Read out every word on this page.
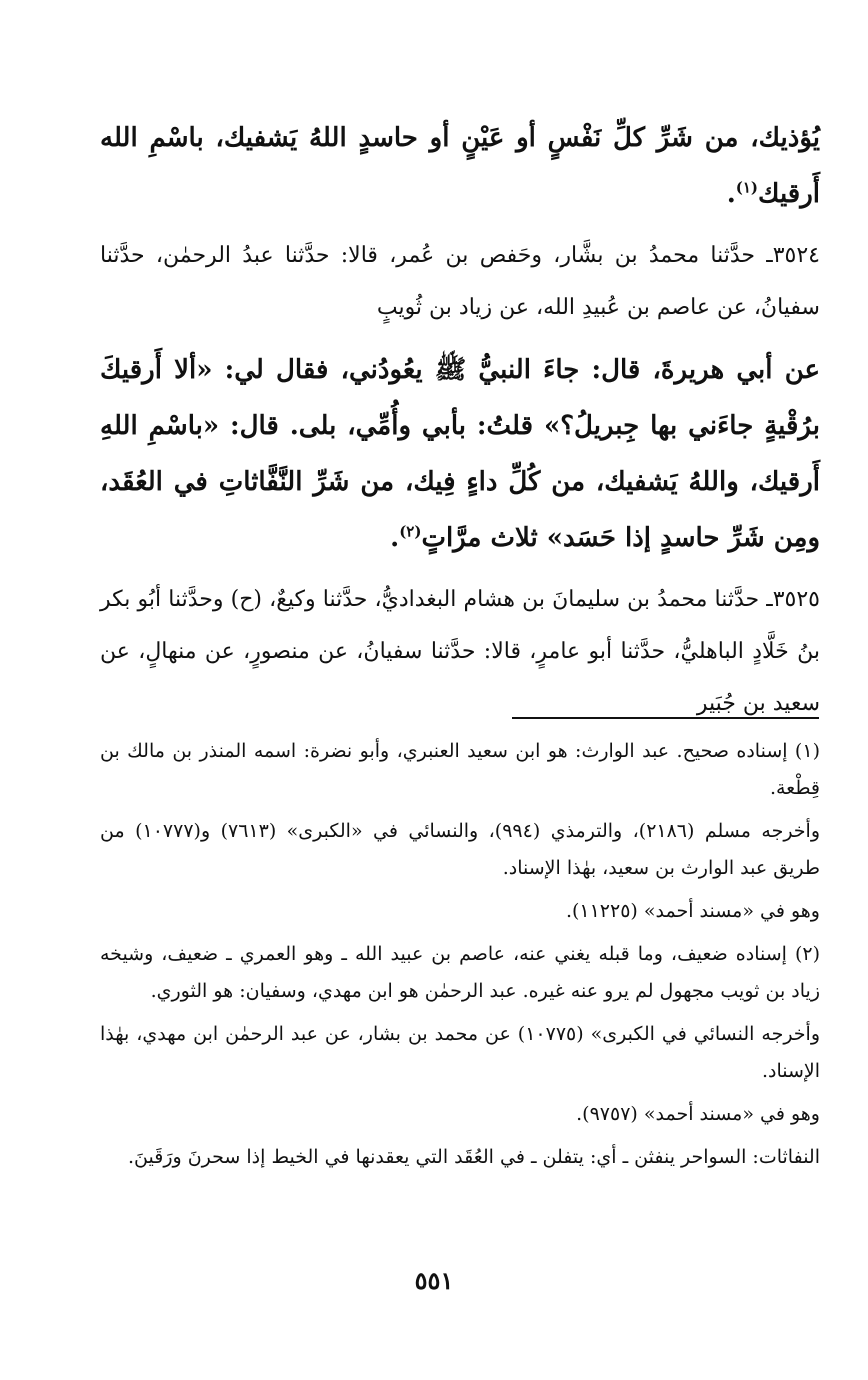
يُؤذيك، من شَرِّ كلِّ نَفْسٍ أو عَيْنٍ أو حاسدٍ اللهُ يَشفيك، باسْمِ الله أَرقيك$^{(١)}$.

٣٥٢٤ـ حدَّثنا محمدُ بن بشَّار، وحَفص بن عُمر، قالا: حدَّثنا عبدُ الرحمٰن، حدَّثنا سفيانُ، عن عاصم بن عُبيدِ الله، عن زياد بن ثُويبٍ

عن أبي هريرةَ، قال: جاءَ النبيُّ ﷺ يعُودُني، فقال لي: «ألا أَرقيكَ برُقْيةٍ جاءَني بها جِبريلُ؟» قلتُ: بأبي وأُمِّي، بلى. قال: «باسْمِ اللهِ أَرقيك، واللهُ يَشفيك، من كُلِّ داءٍ فِيك، من شَرِّ النَّفَّاثاتِ في العُقَد، ومِن شَرِّ حاسدٍ إذا حَسَد» ثلاث مرَّاتٍ$^{(٢)}$.

٣٥٢٥ـ حدَّثنا محمدُ بن سليمانَ بن هشام البغداديُّ، حدَّثنا وكيعٌ، (ح) وحدَّثنا أبُو بكر بنُ خَلَّادٍ الباهليُّ، حدَّثنا أبو عامرٍ، قالا: حدَّثنا سفيانُ، عن منصورٍ، عن منهالٍ، عن سعيد بن جُبَير

(١) إسناده صحيح. عبد الوارث: هو ابن سعيد العنبري، وأبو نضرة: اسمه المنذر بن مالك بن قِطْعة.

وأخرجه مسلم (٢١٨٦)، والترمذي (٩٩٤)، والنسائي في «الكبرى» (٧٦١٣) و(١٠٧٧٧) من طريق عبد الوارث بن سعيد، بهٰذا الإسناد.

وهو في «مسند أحمد» (١١٢٢٥).

(٢) إسناده ضعيف، وما قبله يغني عنه، عاصم بن عبيد الله ـ وهو العمري ـ ضعيف، وشيخه زياد بن ثويب مجهول لم يرو عنه غيره. عبد الرحمٰن هو ابن مهدي، وسفيان: هو الثوري.

وأخرجه النسائي في الكبرى» (١٠٧٧٥) عن محمد بن بشار، عن عبد الرحمٰن ابن مهدي، بهٰذا الإسناد.

وهو في «مسند أحمد» (٩٧٥٧).

النفاثات: السواحر ينفثن ـ أي: يتفلن ـ في العُقَد التي يعقدنها في الخيط إذا سحرنَ ورَقَينَ.

٥٥١
